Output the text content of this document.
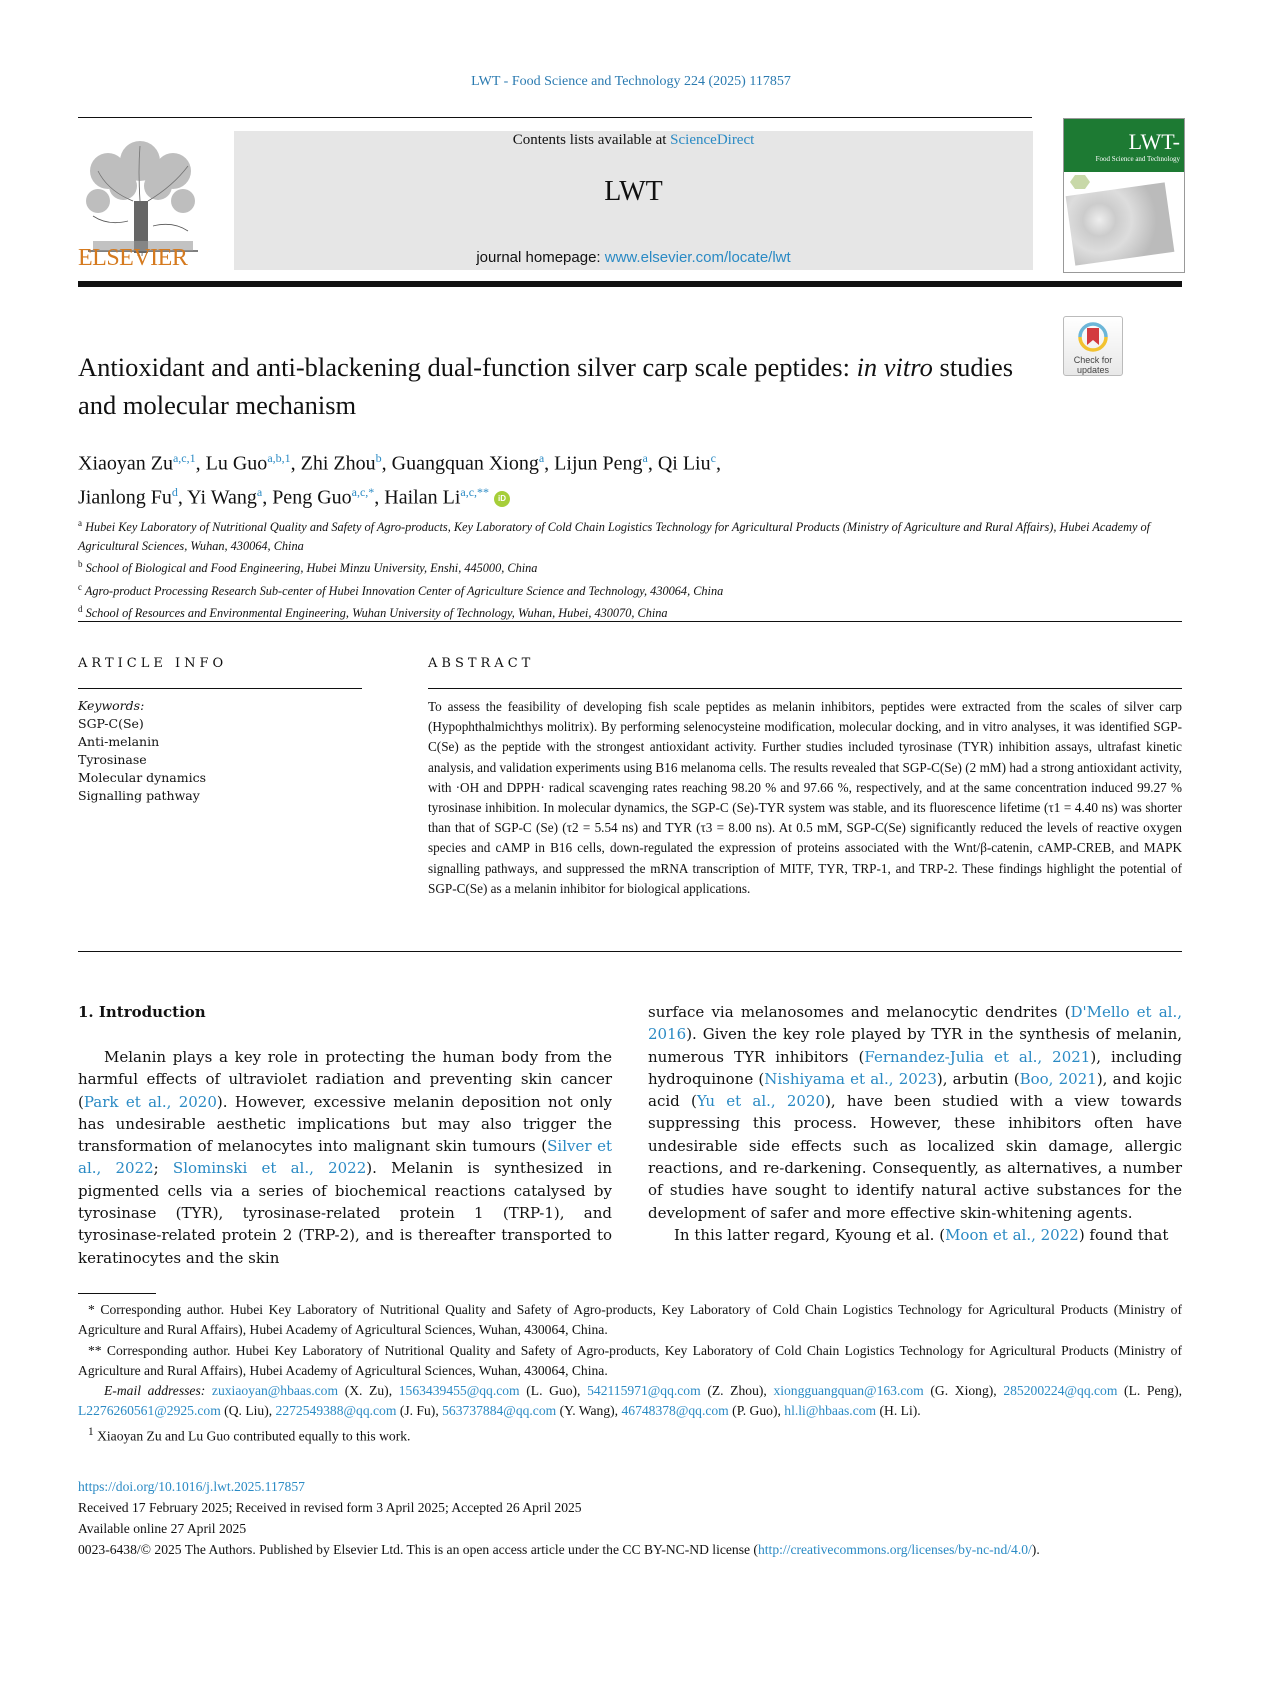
LWT - Food Science and Technology 224 (2025) 117857
ELSEVIER
Contents lists available at ScienceDirect
LWT
journal homepage: www.elsevier.com/locate/lwt
LWT-
Food Science and Technology
Check for updates
Antioxidant and anti-blackening dual-function silver carp scale peptides: in vitro studies and molecular mechanism
Xiaoyan Zu$^{a,c,1}$, Lu Guo$^{a,b,1}$, Zhi Zhou$^b$, Guangquan Xiong$^a$, Lijun Peng$^a$, Qi Liu$^c$,
Jianlong Fu$^d$, Yi Wang$^a$, Peng Guo$^{a,c,*}$, Hailan $Li^{a,c,**}$ iD
$^a$ Hubei Key Laboratory of Nutritional Quality and Safety of Agro-products, Key Laboratory of Cold Chain Logistics Technology for Agricultural Products (Ministry of Agriculture and Rural Affairs), Hubei Academy of Agricultural Sciences, Wuhan, 430064, China
$^b$ School of Biological and Food Engineering, Hubei Minzu University, Enshi, 445000, China
$^c$ Agro-product Processing Research Sub-center of Hubei Innovation Center of Agriculture Science and Technology, 430064, China
$^d$ School of Resources and Environmental Engineering, Wuhan University of Technology, Wuhan, Hubei, 430070, China
ARTICLE INFO
Keywords:
SGP-C(Se)
Anti-melanin
Tyrosinase
Molecular dynamics
Signalling pathway
ABSTRACT
To assess the feasibility of developing fish scale peptides as melanin inhibitors, peptides were extracted from the scales of silver carp (Hypophthalmichthys molitrix). By performing selenocysteine modification, molecular docking, and in vitro analyses, it was identified SGP-C(Se) as the peptide with the strongest antioxidant activity. Further studies included tyrosinase (TYR) inhibition assays, ultrafast kinetic analysis, and validation experiments using B16 melanoma cells. The results revealed that SGP-C(Se) (2 mM) had a strong antioxidant activity, with ·OH and DPPH· radical scavenging rates reaching 98.20 % and 97.66 %, respectively, and at the same concentration induced 99.27 % tyrosinase inhibition. In molecular dynamics, the SGP-C (Se)-TYR system was stable, and its fluorescence lifetime (τ1 = 4.40 ns) was shorter than that of SGP-C (Se) (τ2 = 5.54 ns) and TYR (τ3 = 8.00 ns). At 0.5 mM, SGP-C(Se) significantly reduced the levels of reactive oxygen species and cAMP in B16 cells, down-regulated the expression of proteins associated with the Wnt/β-catenin, cAMP-CREB, and MAPK signalling pathways, and suppressed the mRNA transcription of MITF, TYR, TRP-1, and TRP-2. These findings highlight the potential of SGP-C(Se) as a melanin inhibitor for biological applications.
1. Introduction
Melanin plays a key role in protecting the human body from the harmful effects of ultraviolet radiation and preventing skin cancer (Park et al., 2020). However, excessive melanin deposition not only has undesirable aesthetic implications but may also trigger the transformation of melanocytes into malignant skin tumours (Silver et al., 2022; Slominski et al., 2022). Melanin is synthesized in pigmented cells via a series of biochemical reactions catalysed by tyrosinase (TYR), tyrosinase-related protein 1 (TRP-1), and tyrosinase-related protein 2 (TRP-2), and is thereafter transported to keratinocytes and the skin
surface via melanosomes and melanocytic dendrites (D'Mello et al., 2016). Given the key role played by TYR in the synthesis of melanin, numerous TYR inhibitors (Fernandez-Julia et al., 2021), including hydroquinone (Nishiyama et al., 2023), arbutin (Boo, 2021), and kojic acid (Yu et al., 2020), have been studied with a view towards suppressing this process. However, these inhibitors often have undesirable side effects such as localized skin damage, allergic reactions, and re-darkening. Consequently, as alternatives, a number of studies have sought to identify natural active substances for the development of safer and more effective skin-whitening agents.
In this latter regard, Kyoung et al. (Moon et al., 2022) found that
* Corresponding author. Hubei Key Laboratory of Nutritional Quality and Safety of Agro-products, Key Laboratory of Cold Chain Logistics Technology for Agricultural Products (Ministry of Agriculture and Rural Affairs), Hubei Academy of Agricultural Sciences, Wuhan, 430064, China.
** Corresponding author. Hubei Key Laboratory of Nutritional Quality and Safety of Agro-products, Key Laboratory of Cold Chain Logistics Technology for Agricultural Products (Ministry of Agriculture and Rural Affairs), Hubei Academy of Agricultural Sciences, Wuhan, 430064, China.
E-mail addresses: zuxiaoyan@hbaas.com (X. Zu), 1563439455@qq.com (L. Guo), 542115971@qq.com (Z. Zhou), xiongguangquan@163.com (G. Xiong), 285200224@qq.com (L. Peng), L2276260561@2925.com (Q. Liu), 2272549388@qq.com (J. Fu), 563737884@qq.com (Y. Wang), 46748378@qq.com (P. Guo), hl.li@hbaas.com (H. Li).
$^1$ Xiaoyan Zu and Lu Guo contributed equally to this work.
https://doi.org/10.1016/j.lwt.2025.117857
Received 17 February 2025; Received in revised form 3 April 2025; Accepted 26 April 2025
Available online 27 April 2025
0023-6438/© 2025 The Authors. Published by Elsevier Ltd. This is an open access article under the CC BY-NC-ND license (http://creativecommons.org/licenses/by-nc-nd/4.0/).
